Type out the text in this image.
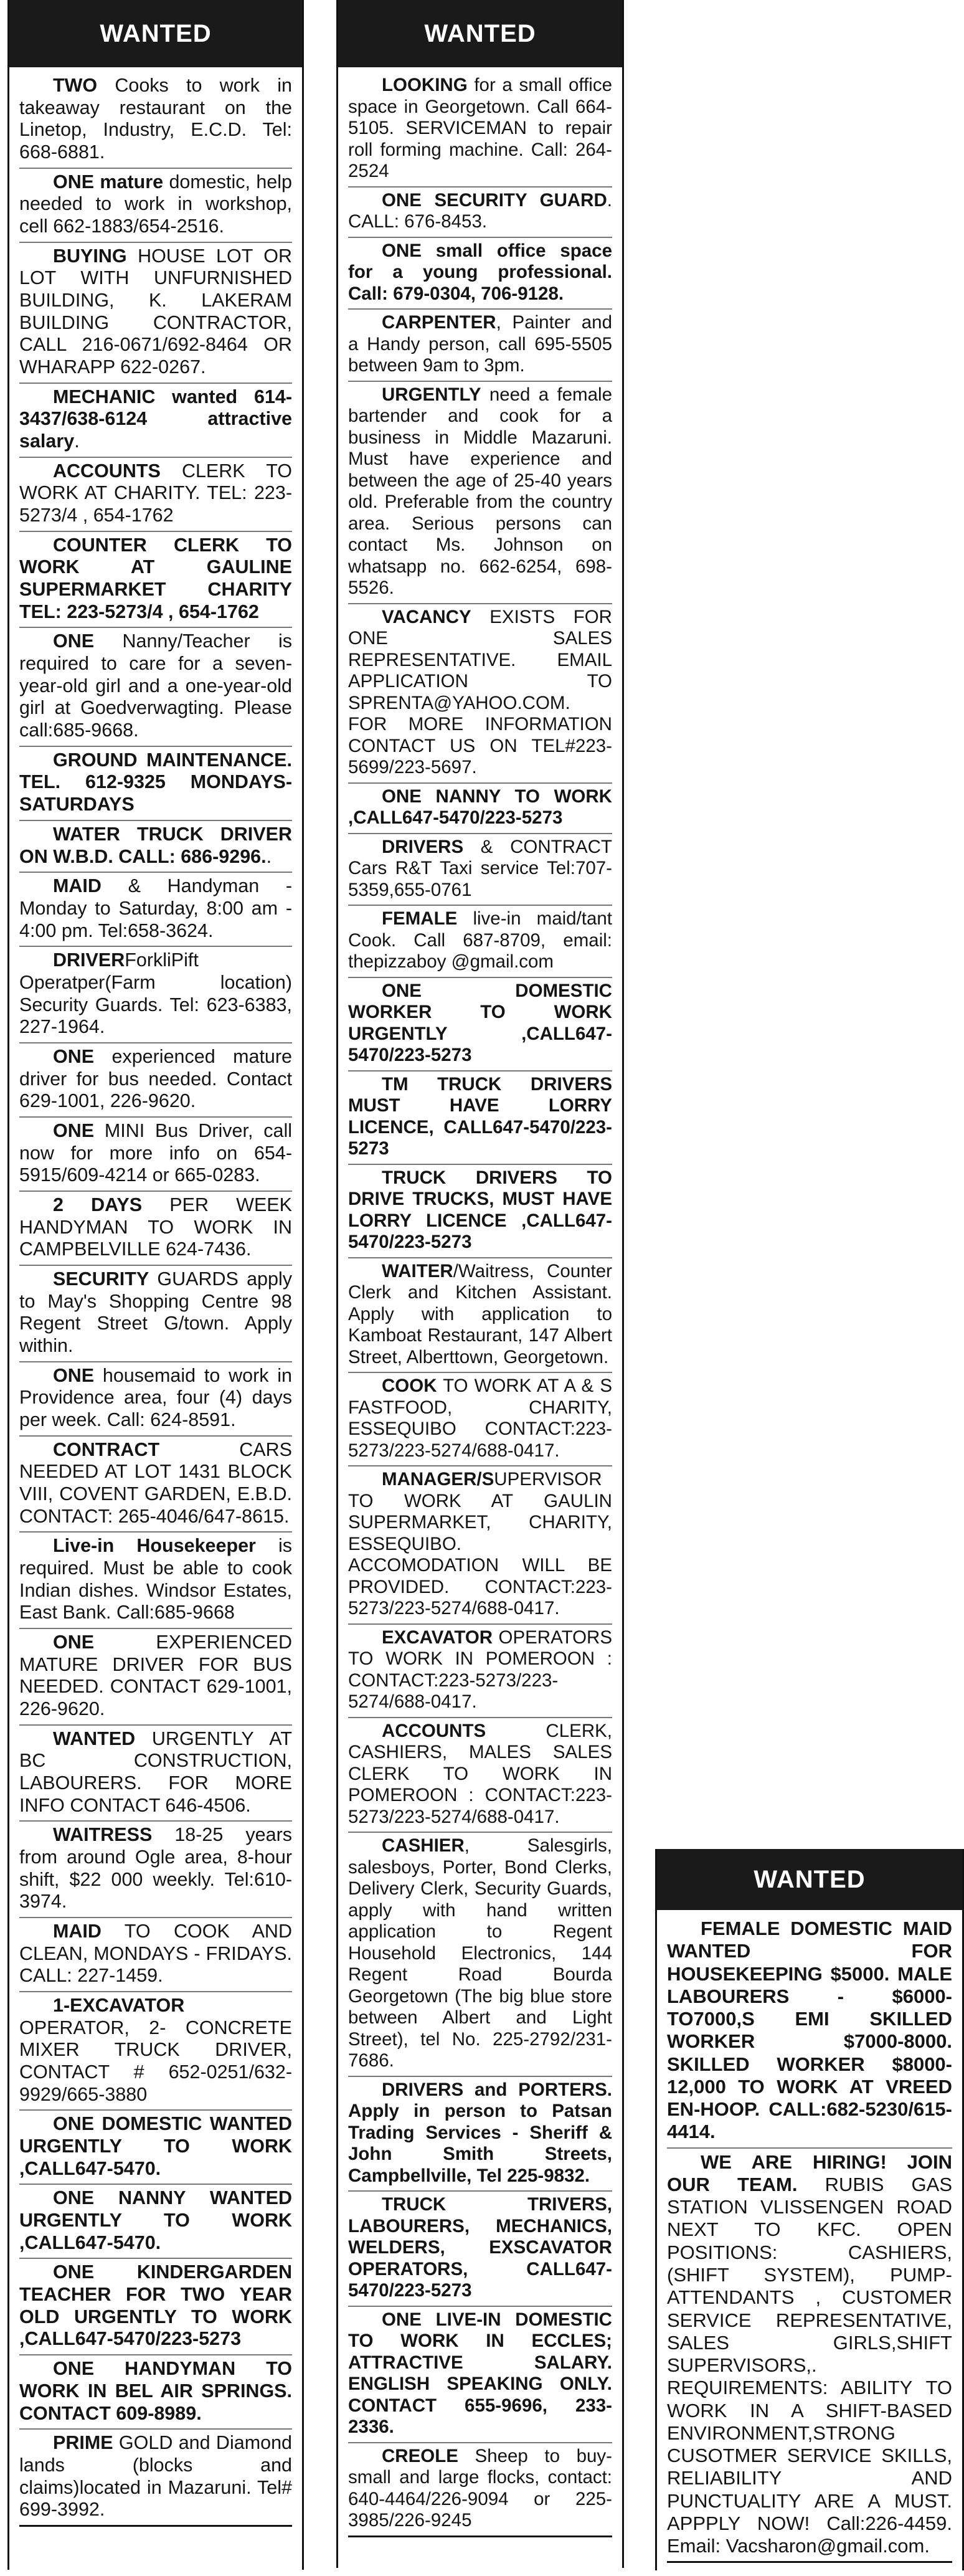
WANTED
TWO Cooks to work in takeaway restaurant on the Linetop, Industry, E.C.D. Tel: 668-6881.
ONE mature domestic, help needed to work in workshop, cell 662-1883/654-2516.
BUYING HOUSE LOT OR LOT WITH UNFURNISHED BUILDING, K. LAKERAM BUILDING CONTRACTOR, CALL 216-0671/692-8464 OR WHARAPP 622-0267.
MECHANIC wanted 614-3437/638-6124 attractive salary.
ACCOUNTS CLERK TO WORK AT CHARITY. TEL: 223-5273/4 , 654-1762
COUNTER CLERK TO WORK AT GAULINE SUPERMARKET CHARITY TEL: 223-5273/4 , 654-1762
ONE Nanny/Teacher is required to care for a seven-year-old girl and a one-year-old girl at Goedverwagting. Please call:685-9668.
GROUND MAINTENANCE. TEL. 612-9325 MONDAYS-SATURDAYS
WATER TRUCK DRIVER ON W.B.D. CALL: 686-9296..
MAID & Handyman - Monday to Saturday, 8:00 am - 4:00 pm. Tel:658-3624.
DRIVERForkliPift Operatper(Farm location) Security Guards. Tel: 623-6383, 227-1964.
ONE experienced mature driver for bus needed. Contact 629-1001, 226-9620.
ONE MINI Bus Driver, call now for more info on 654-5915/609-4214 or 665-0283.
2 DAYS PER WEEK HANDYMAN TO WORK IN CAMPBELVILLE 624-7436.
SECURITY GUARDS apply to May's Shopping Centre 98 Regent Street G/town. Apply within.
ONE housemaid to work in Providence area, four (4) days per week. Call: 624-8591.
CONTRACT CARS NEEDED AT LOT 1431 BLOCK VIII, COVENT GARDEN, E.B.D. CONTACT: 265-4046/647-8615.
Live-in Housekeeper is required. Must be able to cook Indian dishes. Windsor Estates, East Bank. Call:685-9668
ONE EXPERIENCED MATURE DRIVER FOR BUS NEEDED. CONTACT 629-1001, 226-9620.
WANTED URGENTLY AT BC CONSTRUCTION, LABOURERS. FOR MORE INFO CONTACT 646-4506.
WAITRESS 18-25 years from around Ogle area, 8-hour shift, $22 000 weekly. Tel:610-3974.
MAID TO COOK AND CLEAN, MONDAYS - FRIDAYS. CALL: 227-1459.
1-EXCAVATOR OPERATOR, 2- CONCRETE MIXER TRUCK DRIVER, CONTACT # 652-0251/632-9929/665-3880
ONE DOMESTIC WANTED URGENTLY TO WORK ,CALL647-5470.
ONE NANNY WANTED URGENTLY TO WORK ,CALL647-5470.
ONE KINDERGARDEN TEACHER FOR TWO YEAR OLD URGENTLY TO WORK ,CALL647-5470/223-5273
ONE HANDYMAN TO WORK IN BEL AIR SPRINGS. CONTACT 609-8989.
PRIME GOLD and Diamond lands (blocks and claims)located in Mazaruni. Tel# 699-3992.
WANTED
LOOKING for a small office space in Georgetown. Call 664-5105. SERVICEMAN to repair roll forming machine. Call: 264-2524
ONE SECURITY GUARD. CALL: 676-8453.
ONE small office space for a young professional. Call: 679-0304, 706-9128.
CARPENTER, Painter and a Handy person, call 695-5505 between 9am to 3pm.
URGENTLY need a female bartender and cook for a business in Middle Mazaruni. Must have experience and between the age of 25-40 years old. Preferable from the country area. Serious persons can contact Ms. Johnson on whatsapp no. 662-6254, 698-5526.
VACANCY EXISTS FOR ONE SALES REPRESENTATIVE. EMAIL APPLICATION TO SPRENTA@YAHOO.COM. FOR MORE INFORMATION CONTACT US ON TEL#223-5699/223-5697.
ONE NANNY TO WORK ,CALL647-5470/223-5273
DRIVERS & CONTRACT Cars R&T Taxi service Tel:707-5359,655-0761
FEMALE live-in maid/tant Cook. Call 687-8709, email: thepizzaboy @gmail.com
ONE DOMESTIC WORKER TO WORK URGENTLY ,CALL647-5470/223-5273
TM TRUCK DRIVERS MUST HAVE LORRY LICENCE, CALL647-5470/223-5273
TRUCK DRIVERS TO DRIVE TRUCKS, MUST HAVE LORRY LICENCE ,CALL647-5470/223-5273
WAITER/Waitress, Counter Clerk and Kitchen Assistant. Apply with application to Kamboat Restaurant, 147 Albert Street, Alberttown, Georgetown.
COOK TO WORK AT A & S FASTFOOD, CHARITY, ESSEQUIBO CONTACT:223-5273/223-5274/688-0417.
MANAGER/SUPERVISOR TO WORK AT GAULIN SUPERMARKET, CHARITY, ESSEQUIBO. ACCOMODATION WILL BE PROVIDED. CONTACT:223-5273/223-5274/688-0417.
EXCAVATOR OPERATORS TO WORK IN POMEROON : CONTACT:223-5273/223-5274/688-0417.
ACCOUNTS CLERK, CASHIERS, MALES SALES CLERK TO WORK IN POMEROON : CONTACT:223-5273/223-5274/688-0417.
CASHIER, Salesgirls, salesboys, Porter, Bond Clerks, Delivery Clerk, Security Guards, apply with hand written application to Regent Household Electronics, 144 Regent Road Bourda Georgetown (The big blue store between Albert and Light Street), tel No. 225-2792/231-7686.
DRIVERS and PORTERS. Apply in person to Patsan Trading Services - Sheriff & John Smith Streets, Campbellville, Tel 225-9832.
TRUCK TRIVERS, LABOURERS, MECHANICS, WELDERS, EXSCAVATOR OPERATORS, CALL647-5470/223-5273
ONE LIVE-IN DOMESTIC TO WORK IN ECCLES; ATTRACTIVE SALARY. ENGLISH SPEAKING ONLY. CONTACT 655-9696, 233-2336.
CREOLE Sheep to buy-small and large flocks, contact: 640-4464/226-9094 or 225-3985/226-9245
WANTED
FEMALE DOMESTIC MAID WANTED FOR HOUSEKEEPING $5000. MALE LABOURERS - $6000-TO7000,S EMI SKILLED WORKER $7000-8000. SKILLED WORKER $8000-12,000 TO WORK AT VREED EN-HOOP. CALL:682-5230/615-4414.
WE ARE HIRING! JOIN OUR TEAM. RUBIS GAS STATION VLISSENGEN ROAD NEXT TO KFC. OPEN POSITIONS: CASHIERS, (SHIFT SYSTEM), PUMP-ATTENDANTS , CUSTOMER SERVICE REPRESENTATIVE, SALES GIRLS,SHIFT SUPERVISORS,. REQUIREMENTS: ABILITY TO WORK IN A SHIFT-BASED ENVIRONMENT,STRONG CUSOTMER SERVICE SKILLS, RELIABILITY AND PUNCTUALITY ARE A MUST. APPPLY NOW! Call:226-4459. Email: Vacsharon@gmail.com.
